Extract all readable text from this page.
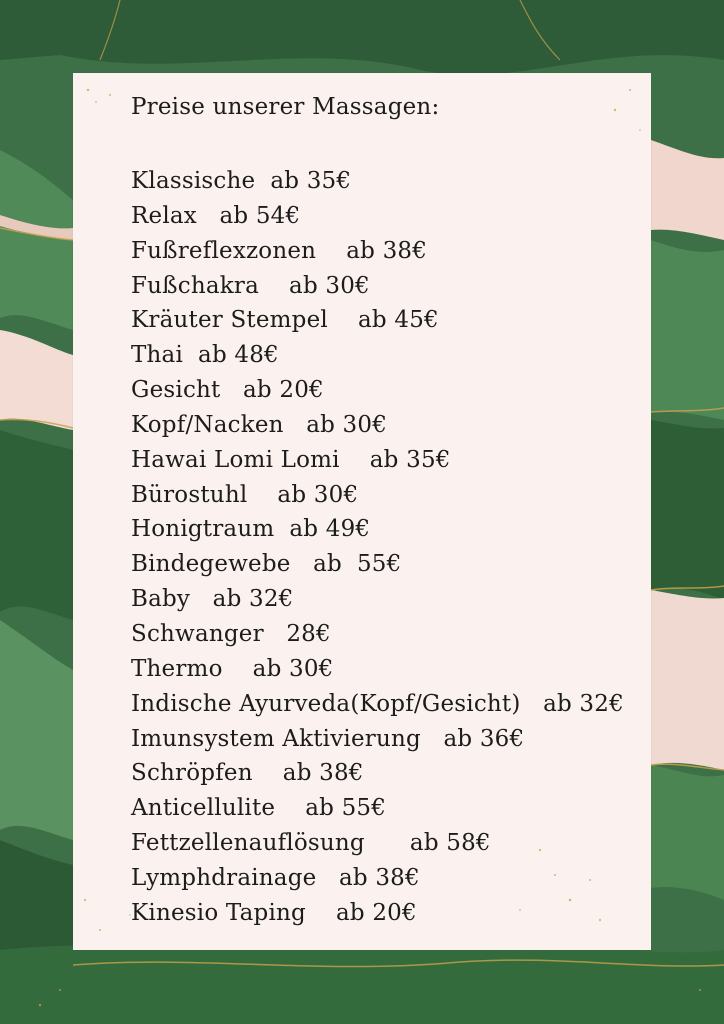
Preise unserer Massagen:
Klassische  ab 35€
Relax   ab 54€
Fußreflexzonen    ab 38€
Fußchakra    ab 30€
Kräuter Stempel    ab 45€
Thai  ab 48€
Gesicht   ab 20€
Kopf/Nacken   ab 30€
Hawai Lomi Lomi    ab 35€
Bürostuhl    ab 30€
Honigtraum  ab 49€
Bindegewebe   ab  55€
Baby   ab 32€
Schwanger   28€
Thermo    ab 30€
Indische Ayurveda(Kopf/Gesicht)   ab 32€
Imunsystem Aktivierung   ab 36€
Schröpfen    ab 38€
Anticellulite    ab 55€
Fettzellenauflösung      ab 58€
Lymphdrainage   ab 38€
Kinesio Taping    ab 20€
